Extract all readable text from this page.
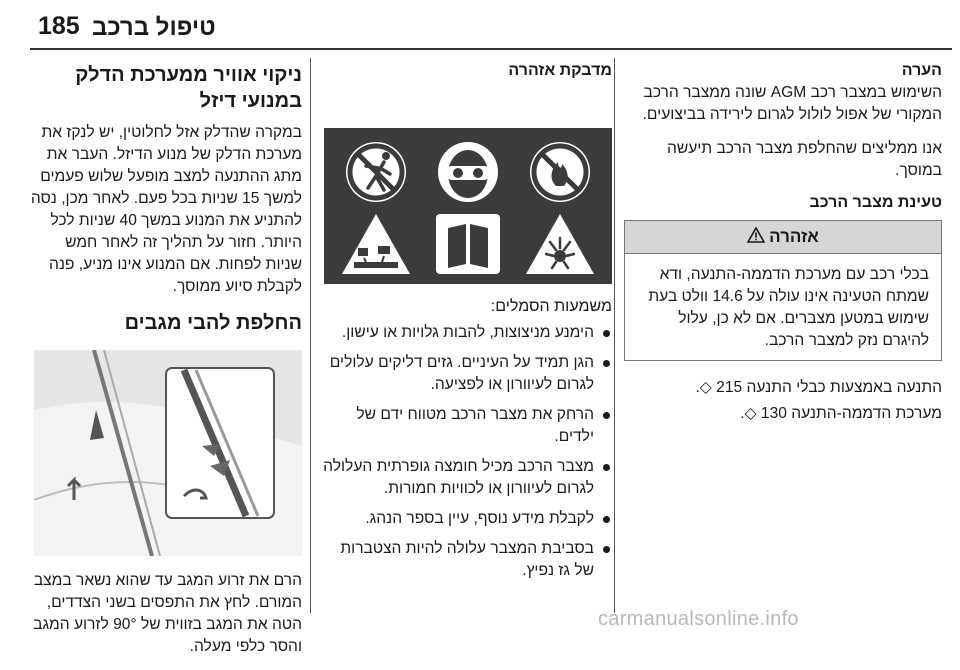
185 טיפול ברכב
הערה

השימוש במצבר רכב AGM שונה ממצבר הרכב המקורי של אפול לולול לגרום לירידה בביצועים.

אנו ממליצים שהחלפת מצבר הרכב תיעשה במוסך.

טעינת מצבר הרכב
אזהרה
בכלי רכב עם מערכת הדממה-התנעה, ודא שמתח הטעינה אינו עולה על 14.6 וולט בעת שימוש במטען מצברים. אם לא כן, עלול להיגרם נזק למצבר הרכב.

התנעה באמצעות כבלי התנעה 215 ◇.

מערכת הדממה-התנעה 130 ◇.

מדבקת אזהרה
משמעות הסמלים:
הימנע מניצוצות, להבות גלויות או עישון.
הגן תמיד על העיניים. גזים דליקים עלולים לגרום לעיוורון או לפציעה.
הרחק את מצבר הרכב מטווח ידם של ילדים.
מצבר הרכב מכיל חומצה גופרתית העלולה לגרום לעיוורון או לכוויות חמורות.
לקבלת מידע נוסף, עיין בספר הנהג.
בסביבת המצבר עלולה להיות הצטברות של גז נפיץ.
ניקוי אוויר ממערכת הדלק במנועי דיזל

במקרה שהדלק אזל לחלוטין, יש לנקז את מערכת הדלק של מנוע הדיזל. העבר את מתג ההתנעה למצב מופעל שלוש פעמים למשך 15 שניות בכל פעם. לאחר מכן, נסה להתניע את המנוע במשך 40 שניות לכל היותר. חזור על תהליך זה לאחר חמש שניות לפחות. אם המנוע אינו מניע, פנה לקבלת סיוע ממוסך.

החלפת להבי מגבים

הרם את זרוע המגב עד שהוא נשאר במצב המורם. לחץ את התפסים בשני הצדדים, הטה את המגב בזווית של 90° לזרוע המגב והסר כלפי מעלה.

carmanualsonline.info
